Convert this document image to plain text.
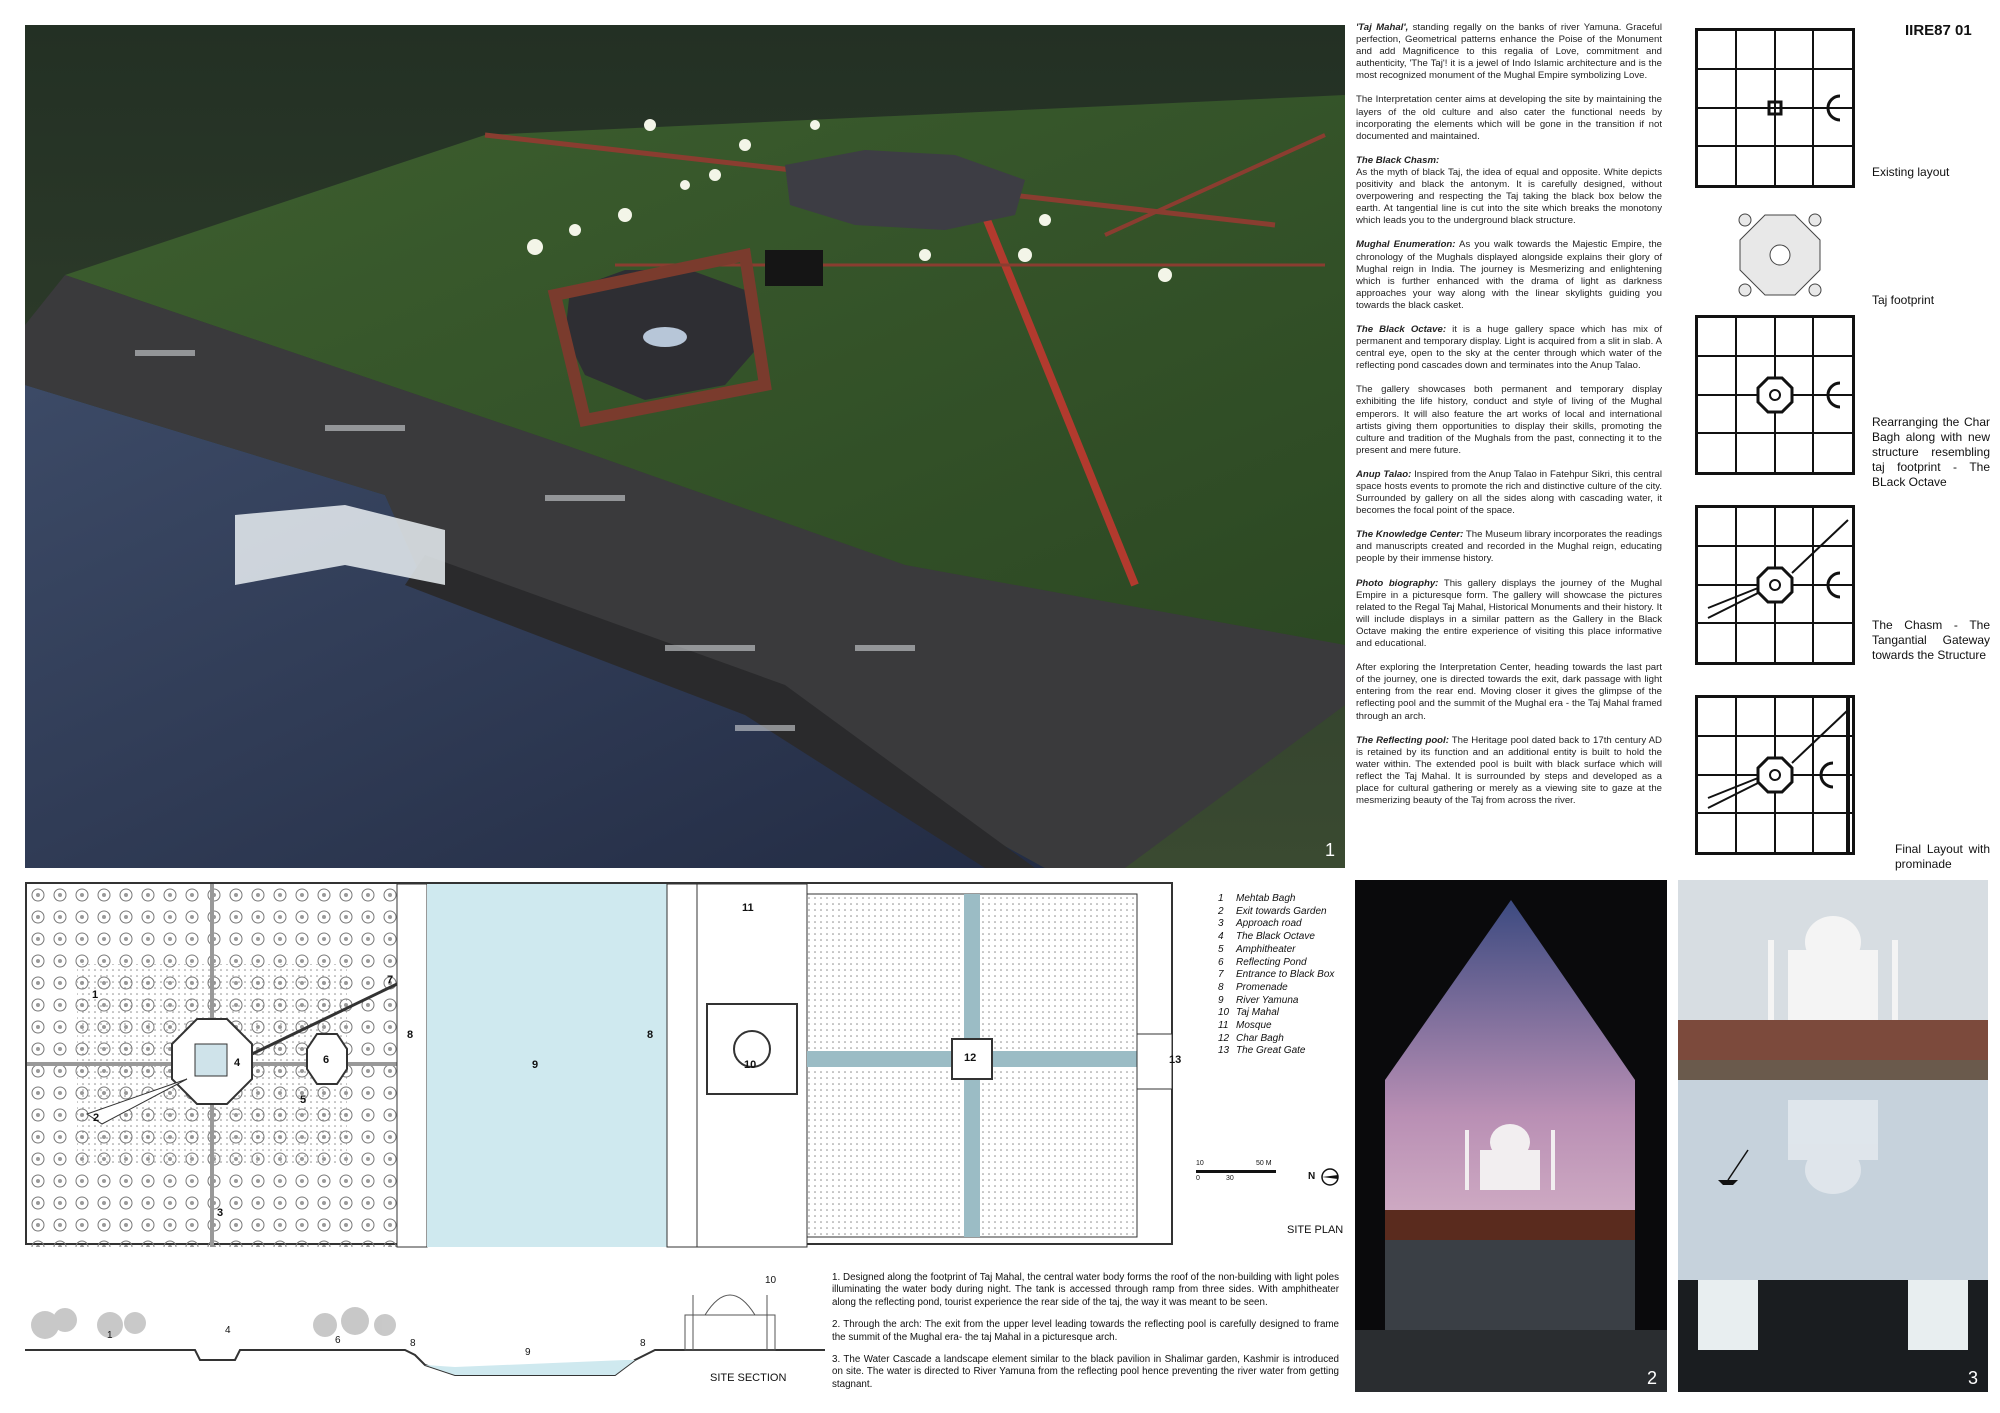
IIRE87 01
1

'Taj Mahal', standing regally on the banks of river Yamuna. Graceful perfection, Geometrical patterns enhance the Poise of the Monument and add Magnificence to this regalia of Love, commitment and authenticity, 'The Taj'! it is a jewel of Indo Islamic architecture and is the most recognized monument of the Mughal Empire symbolizing Love.

The Interpretation center aims at developing the site by maintaining the layers of the old culture and also cater the functional needs by incorporating the elements which will be gone in the transition if not documented and maintained.

The Black Chasm:
As the myth of black Taj, the idea of equal and opposite. White depicts positivity and black the antonym. It is carefully designed, without overpowering and respecting the Taj taking the black box below the earth. At tangential line is cut into the site which breaks the monotony which leads you to the underground black structure.

Mughal Enumeration: As you walk towards the Majestic Empire, the chronology of the Mughals displayed alongside explains their glory of Mughal reign in India. The journey is Mesmerizing and enlightening which is further enhanced with the drama of light as darkness approaches your way along with the linear skylights guiding you towards the black casket.

The Black Octave: it is a huge gallery space which has mix of permanent and temporary display. Light is acquired from a slit in slab. A central eye, open to the sky at the center through which water of the reflecting pond cascades down and terminates into the Anup Talao.

The gallery showcases both permanent and temporary display exhibiting the life history, conduct and style of living of the Mughal emperors. It will also feature the art works of local and international artists giving them opportunities to display their skills, promoting the culture and tradition of the Mughals from the past, connecting it to the present and mere future.

Anup Talao: Inspired from the Anup Talao in Fatehpur Sikri, this central space hosts events to promote the rich and distinctive culture of the city. Surrounded by gallery on all the sides along with cascading water, it becomes the focal point of the space.

The Knowledge Center: The Museum library incorporates the readings and manuscripts created and recorded in the Mughal reign, educating people by their immense history.

Photo biography: This gallery displays the journey of the Mughal Empire in a picturesque form. The gallery will showcase the pictures related to the Regal Taj Mahal, Historical Monuments and their history. It will include displays in a similar pattern as the Gallery in the Black Octave making the entire experience of visiting this place informative and educational.

After exploring the Interpretation Center, heading towards the last part of the journey, one is directed towards the exit, dark passage with light entering from the rear end. Moving closer it gives the glimpse of the reflecting pool and the summit of the Mughal era - the Taj Mahal framed through an arch.

The Reflecting pool: The Heritage pool dated back to 17th century AD is retained by its function and an additional entity is built to hold the water within. The extended pool is built with black surface which will reflect the Taj Mahal. It is surrounded by steps and developed as a place for cultural gathering or merely as a viewing site to gaze at the mesmerizing beauty of the Taj from across the river.

Existing layout
Taj footprint
Rearranging the Char Bagh along with new structure resembling taj footprint - The BLack Octave
The Chasm - The Tangantial Gateway towards the Structure
Final Layout with prominade
1
2
3
4
5
6
7
8	8
9	10
11
12	13
1 Mehtab Bagh
2 Exit towards Garden
3 Approach road
4 The Black Octave
5 Amphitheater
6 Reflecting Pond
7 Entrance to Black Box
8 Promenade
9 River Yamuna
10 Taj Mahal
11 Mosque
12 Char Bagh
13 The Great Gate
10	50 M
0	30	N
SITE PLAN
1	4
6	8
9
8
10
SITE SECTION

1. Designed along the footprint of Taj Mahal, the central water body forms the roof of the non-building with light poles illuminating the water body during night. The tank is accessed through ramp from three sides. With amphitheater along the reflecting pond, tourist experience the rear side of the taj, the way it was meant to be seen.

2. Through the arch: The exit from the upper level leading towards the reflecting pool is carefully designed to frame the summit of the Mughal era- the taj Mahal in a picturesque arch.

3. The Water Cascade a landscape element similar to the black pavilion in Shalimar garden, Kashmir is introduced on site. The water is directed to River Yamuna from the reflecting pool hence preventing the river water from getting stagnant.	2	3
